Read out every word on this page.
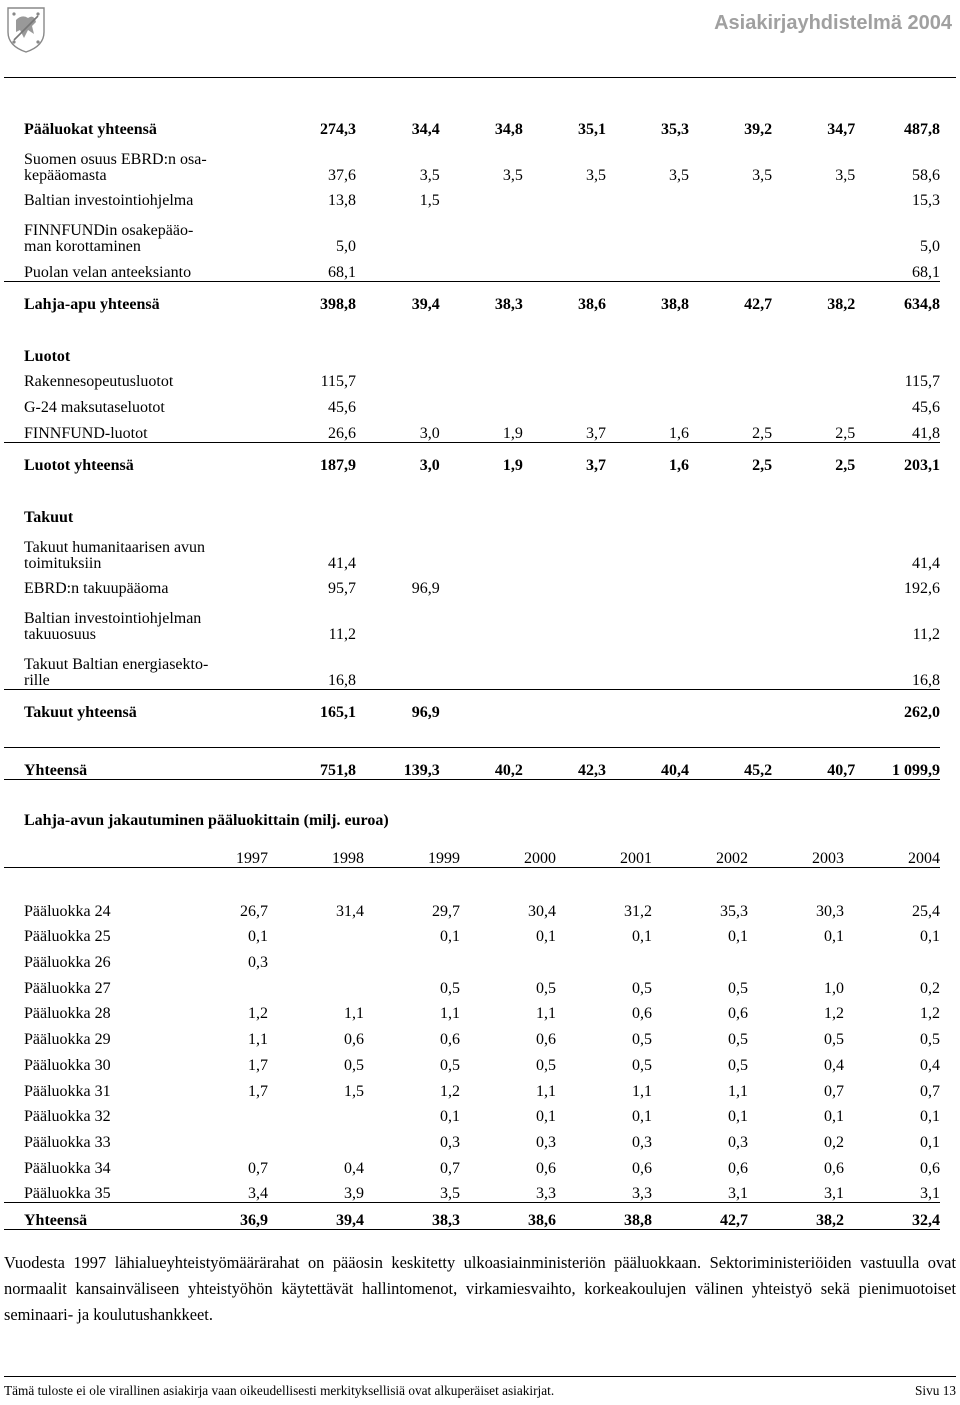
Asiakirjayhdistelmä 2004
Pääluokat yhteensä	274,3	34,4	34,8	35,1	35,3	39,2	34,7	487,8
Suomen osuus EBRD:n osa-
kepääomasta	37,6	3,5	3,5	3,5	3,5	3,5	3,5	58,6
Baltian investointiohjelma	13,8	1,5						15,3
FINNFUNDin osakepääo-
man korottaminen	5,0							5,0
Puolan velan anteeksianto	68,1							68,1
Lahja-apu yhteensä	398,8	39,4	38,3	38,6	38,8	42,7	38,2	634,8

Luotot								
Rakennesopeutusluotot	115,7							115,7
G-24 maksutaseluotot	45,6							45,6
FINNFUND-luotot	26,6	3,0	1,9	3,7	1,6	2,5	2,5	41,8
Luotot yhteensä	187,9	3,0	1,9	3,7	1,6	2,5	2,5	203,1

Takuut								
Takuut humanitaarisen avun
toimituksiin	41,4							41,4
EBRD:n takuupääoma	95,7	96,9						192,6
Baltian investointiohjelman
takuuosuus	11,2							11,2
Takuut Baltian energiasekto-
rille	16,8							16,8
Takuut yhteensä	165,1	96,9						262,0

Yhteensä	751,8	139,3	40,2	42,3	40,4	45,2	40,7	1 099,9
Lahja-avun jakautuminen pääluokittain (milj. euroa)
	1997	1998	1999	2000	2001	2002	2003	2004

Pääluokka 24	26,7	31,4	29,7	30,4	31,2	35,3	30,3	25,4
Pääluokka 25	0,1		0,1	0,1	0,1	0,1	0,1	0,1
Pääluokka 26	0,3							
Pääluokka 27			0,5	0,5	0,5	0,5	1,0	0,2
Pääluokka 28	1,2	1,1	1,1	1,1	0,6	0,6	1,2	1,2
Pääluokka 29	1,1	0,6	0,6	0,6	0,5	0,5	0,5	0,5
Pääluokka 30	1,7	0,5	0,5	0,5	0,5	0,5	0,4	0,4
Pääluokka 31	1,7	1,5	1,2	1,1	1,1	1,1	0,7	0,7
Pääluokka 32			0,1	0,1	0,1	0,1	0,1	0,1
Pääluokka 33			0,3	0,3	0,3	0,3	0,2	0,1
Pääluokka 34	0,7	0,4	0,7	0,6	0,6	0,6	0,6	0,6
Pääluokka 35	3,4	3,9	3,5	3,3	3,3	3,1	3,1	3,1
Yhteensä	36,9	39,4	38,3	38,6	38,8	42,7	38,2	32,4

Vuodesta 1997 lähialueyhteistyömäärärahat on pääosin keskitetty ulkoasiainministeriön pääluokkaan. Sektoriministeriöiden vastuulla ovat normaalit kansainväliseen yhteistyöhön käytettävät hallintomenot, virkamiesvaihto, korkeakoulujen välinen yhteistyö sekä pienimuotoiset seminaari- ja koulutushankkeet.

Tämä tuloste ei ole virallinen asiakirja vaan oikeudellisesti merkityksellisiä ovat alkuperäiset asiakirjat.	Sivu 13
